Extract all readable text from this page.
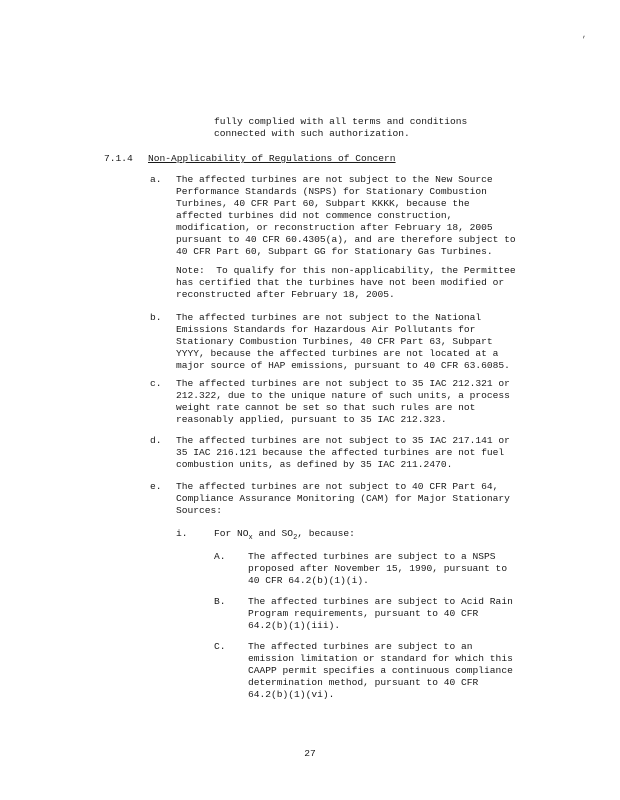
,
fully complied with all terms and conditions
connected with such authorization.
7.1.4 Non-Applicability of Regulations of Concern
a. The affected turbines are not subject to the New Source
Performance Standards (NSPS) for Stationary Combustion
Turbines, 40 CFR Part 60, Subpart KKKK, because the
affected turbines did not commence construction,
modification, or reconstruction after February 18, 2005
pursuant to 40 CFR 60.4305(a), and are therefore subject to
40 CFR Part 60, Subpart GG for Stationary Gas Turbines.
Note:  To qualify for this non-applicability, the Permittee
has certified that the turbines have not been modified or
reconstructed after February 18, 2005.
b. The affected turbines are not subject to the National
Emissions Standards for Hazardous Air Pollutants for
Stationary Combustion Turbines, 40 CFR Part 63, Subpart
YYYY, because the affected turbines are not located at a
major source of HAP emissions, pursuant to 40 CFR 63.6085.
c. The affected turbines are not subject to 35 IAC 212.321 or
212.322, due to the unique nature of such units, a process
weight rate cannot be set so that such rules are not
reasonably applied, pursuant to 35 IAC 212.323.
d. The affected turbines are not subject to 35 IAC 217.141 or
35 IAC 216.121 because the affected turbines are not fuel
combustion units, as defined by 35 IAC 211.2470.
e. The affected turbines are not subject to 40 CFR Part 64,
Compliance Assurance Monitoring (CAM) for Major Stationary
Sources:
i.	For $NO_x$ and $SO_2$, because:
A. The affected turbines are subject to a NSPS
proposed after November 15, 1990, pursuant to
40 CFR 64.2(b)(1)(i).
B. The affected turbines are subject to Acid Rain
Program requirements, pursuant to 40 CFR
64.2(b)(1)(iii).
C. The affected turbines are subject to an
emission limitation or standard for which this
CAAPP permit specifies a continuous compliance
determination method, pursuant to 40 CFR
64.2(b)(1)(vi).
27
